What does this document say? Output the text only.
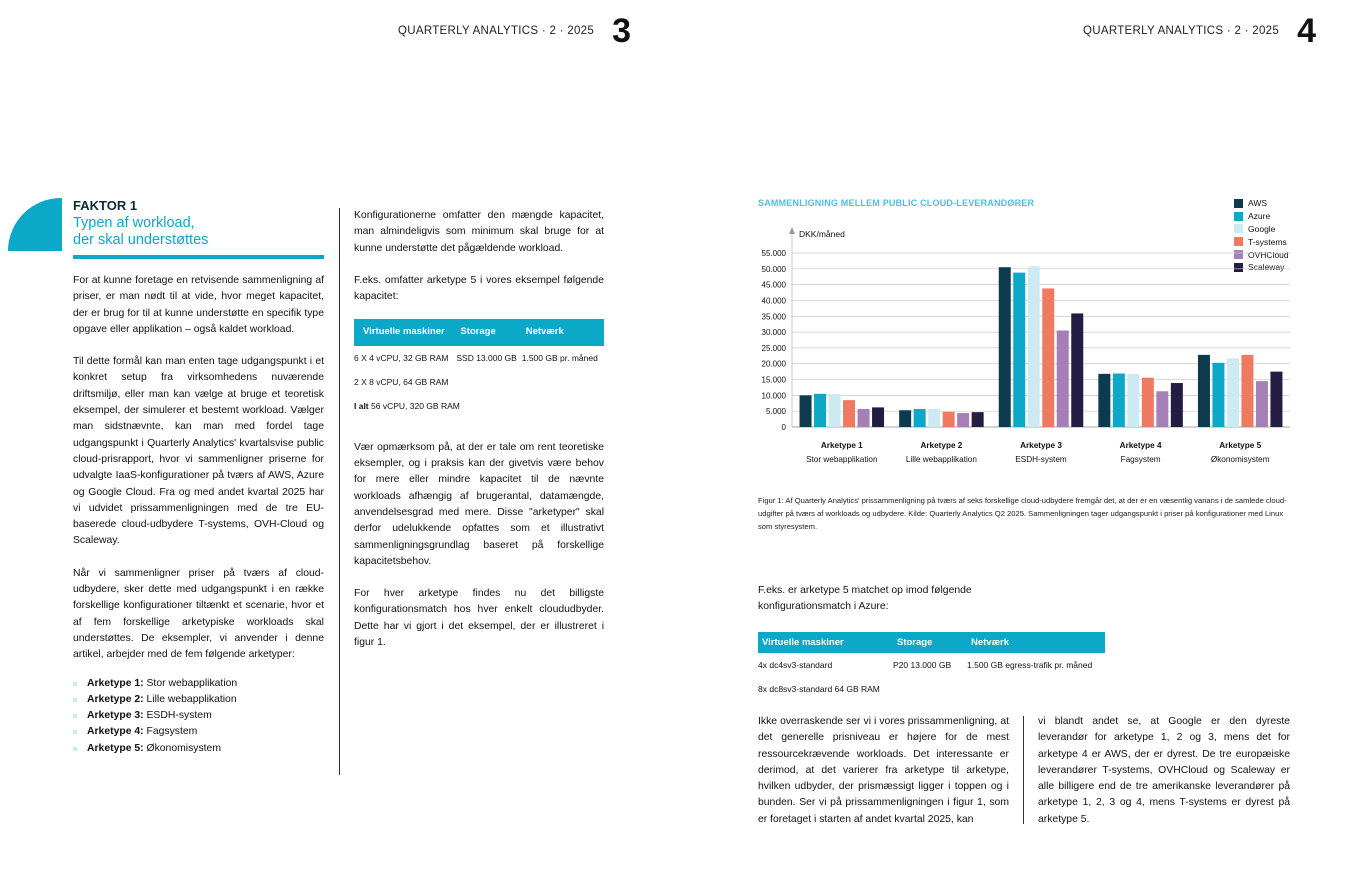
QUARTERLY ANALYTICS · 2 · 2025 3	QUARTERLY ANALYTICS · 2 · 2025 4
FAKTOR 1
Typen af workload,
der skal understøttes

For at kunne foretage en retvisende sammenligning af priser, er man nødt til at vide, hvor meget kapacitet, der er brug for til at kunne understøtte en specifik type opgave eller applikation – også kaldet workload.

Til dette formål kan man enten tage udgangspunkt i et konkret setup fra virksomhedens nuværende driftsmiljø, eller man kan vælge at bruge et teoretisk eksempel, der simulerer et bestemt workload. Vælger man sidstnævnte, kan man med fordel tage udgangspunkt i Quarterly Analytics' kvartalsvise public cloud-prisrapport, hvor vi sammenligner priserne for udvalgte IaaS-konfigurationer på tværs af AWS, Azure og Google Cloud. Fra og med andet kvartal 2025 har vi udvidet prissammenligningen med de tre EU-baserede cloud-udbydere T-systems, OVH-Cloud og Scaleway.

Når vi sammenligner priser på tværs af cloud-udbydere, sker dette med udgangspunkt i en række forskellige konfigurationer tiltænkt et scenarie, hvor et af fem forskellige arketypiske workloads skal understøttes. De eksempler, vi anvender i denne artikel, arbejder med de fem følgende arketyper:

Arketype 1: Stor webapplikation
Arketype 2: Lille webapplikation
Arketype 3: ESDH-system
Arketype 4: Fagsystem
Arketype 5: Økonomisystem

Konfigurationerne omfatter den mængde kapacitet, man almindeligvis som minimum skal bruge for at kunne understøtte det pågældende workload.

F.eks. omfatter arketype 5 i vores eksempel følgende kapacitet:

Virtuelle maskiner	Storage	Netværk
6 X 4 vCPU, 32 GB RAM	SSD 13.000 GB	1.500 GB pr. måned
2 X 8 vCPU, 64 GB RAM		
I alt 56 vCPU, 320 GB RAM		

Vær opmærksom på, at der er tale om rent teoretiske eksempler, og i praksis kan der givetvis være behov for mere eller mindre kapacitet til de nævnte workloads afhængig af brugerantal, datamængde, anvendelsesgrad med mere. Disse "arketyper" skal derfor udelukkende opfattes som et illustrativt sammenligningsgrundlag baseret på forskellige kapacitetsbehov.

For hver arketype findes nu det billigste konfigurationsmatch hos hver enkelt cloududbyder. Dette har vi gjort i det eksempel, der er illustreret i figur 1.

SAMMENLIGNING MELLEM PUBLIC CLOUD-LEVERANDØRER	AWS
Azure
Google
T-systems
OVHCloud
Scaleway
DKK/måned
0
5.000
10.000
15.000
20.000
25.000
30.000
35.000
40.000
45.000
50.000
55.000
Arketype 1
Stor webapplikation
Arketype 2
Lille webapplikation
Arketype 3
ESDH-system
Arketype 4
Fagsystem
Arketype 5
Økonomisystem
Figur 1: Af Quarterly Analytics' prissammenligning på tværs af seks forskellige cloud-udbydere fremgår det, at der er en væsentlig varians i de samlede cloud-udgifter på tværs af workloads og udbydere. Kilde: Quarterly Analytics Q2 2025. Sammenligningen tager udgangspunkt i priser på konfigurationer med Linux som styresystem.
F.eks. er arketype 5 matchet op imod følgende konfigurationsmatch i Azure:
Virtuelle maskiner	Storage	Netværk
4x dc4sv3-standard	P20 13.000 GB	1.500 GB egress-trafik pr. måned
8x dc8sv3-standard 64 GB RAM		

Ikke overraskende ser vi i vores prissammenligning, at det generelle prisniveau er højere for de mest ressourcekrævende workloads. Det interessante er derimod, at det varierer fra arketype til arketype, hvilken udbyder, der prismæssigt ligger i toppen og i bunden. Ser vi på prissammenligningen i figur 1, som er foretaget i starten af andet kvartal 2025, kan

vi blandt andet se, at Google er den dyreste leverandør for arketype 1, 2 og 3, mens det for arketype 4 er AWS, der er dyrest. De tre europæiske leverandører T-systems, OVHCloud og Scaleway er alle billigere end de tre amerikanske leverandører på arketype 1, 2, 3 og 4, mens T-systems er dyrest på arketype 5.
